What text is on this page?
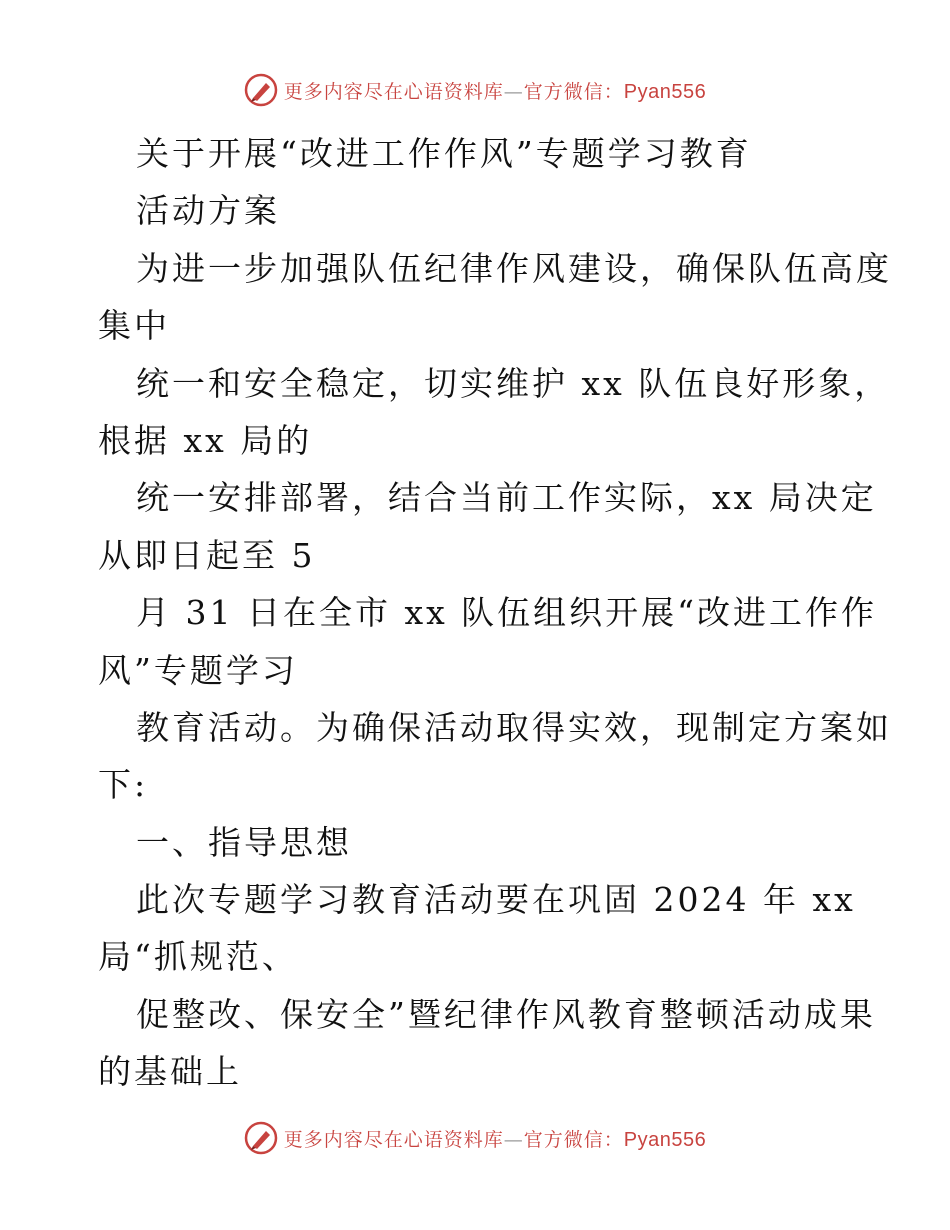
更多内容尽在心语资料库—官方微信：Pyan556
关于开展“改进工作作风”专题学习教育
活动方案
为进一步加强队伍纪律作风建设，确保队伍高度
集中
统一和安全稳定，切实维护 xx 队伍良好形象，
根据 xx 局的
统一安排部署，结合当前工作实际，xx 局决定
从即日起至 5
月 31 日在全市 xx 队伍组织开展“改进工作作
风”专题学习
教育活动。为确保活动取得实效，现制定方案如
下:
一、指导思想
此次专题学习教育活动要在巩固 2024 年 xx
局“抓规范、
促整改、保安全”暨纪律作风教育整顿活动成果
的基础上
更多内容尽在心语资料库—官方微信：Pyan556
